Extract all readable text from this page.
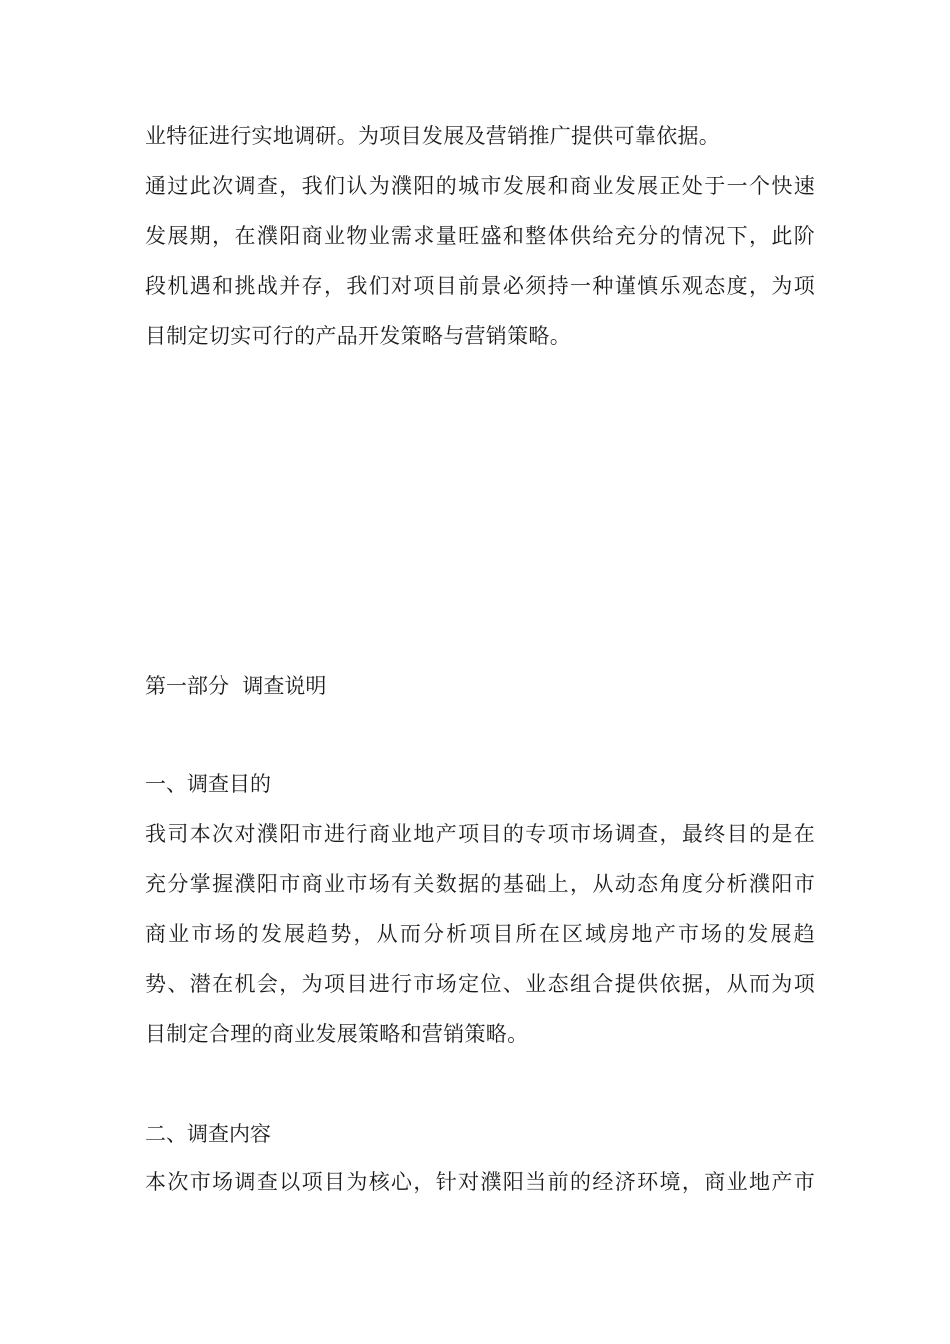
业特征进行实地调研。为项目发展及营销推广提供可靠依据。
通过此次调查，我们认为濮阳的城市发展和商业发展正处于一个快速
发展期，在濮阳商业物业需求量旺盛和整体供给充分的情况下，此阶
段机遇和挑战并存，我们对项目前景必须持一种谨慎乐观态度，为项
目制定切实可行的产品开发策略与营销策略。
第一部分  调查说明
一、调查目的
我司本次对濮阳市进行商业地产项目的专项市场调查，最终目的是在
充分掌握濮阳市商业市场有关数据的基础上，从动态角度分析濮阳市
商业市场的发展趋势，从而分析项目所在区域房地产市场的发展趋
势、潜在机会，为项目进行市场定位、业态组合提供依据，从而为项
目制定合理的商业发展策略和营销策略。
二、调查内容
本次市场调查以项目为核心，针对濮阳当前的经济环境，商业地产市
